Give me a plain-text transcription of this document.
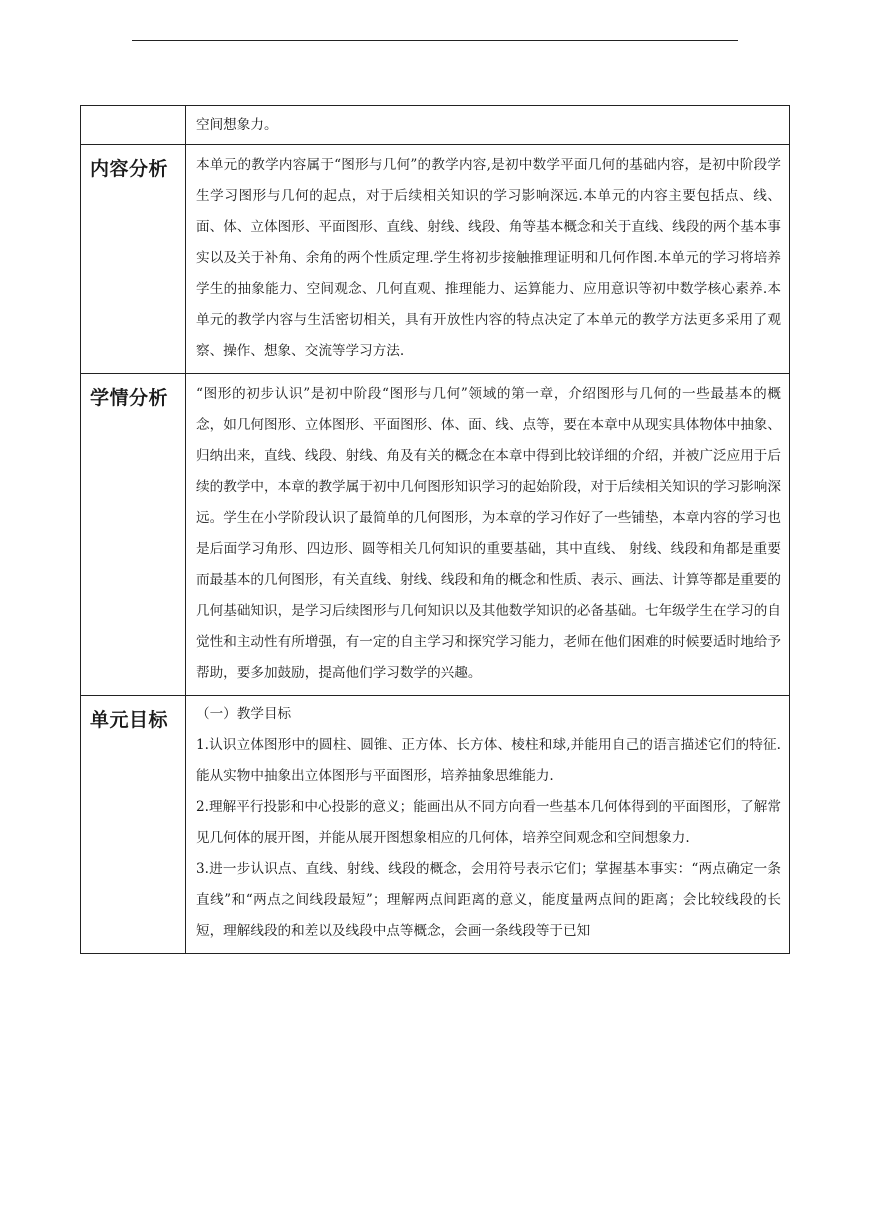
	空间想象力。

内容分析	本单元的教学内容属于“图形与几何”的教学内容,是初中数学平面几何的基础内容，是初中阶段学生学习图形与几何的起点，对于后续相关知识的学习影响深远.本单元的内容主要包括点、线、面、体、立体图形、平面图形、直线、射线、线段、角等基本概念和关于直线、线段的两个基本事实以及关于补角、余角的两个性质定理.学生将初步接触推理证明和几何作图.本单元的学习将培养学生的抽象能力、空间观念、几何直观、推理能力、运算能力、应用意识等初中数学核心素养.本单元的教学内容与生活密切相关，具有开放性内容的特点决定了本单元的教学方法更多采用了观察、操作、想象、交流等学习方法.

学情分析	“图形的初步认识”是初中阶段“图形与几何”领域的第一章，介绍图形与几何的一些最基本的概念，如几何图形、立体图形、平面图形、体、面、线、点等，要在本章中从现实具体物体中抽象、归纳出来，直线、线段、射线、角及有关的概念在本章中得到比较详细的介绍，并被广泛应用于后续的教学中，本章的教学属于初中几何图形知识学习的起始阶段，对于后续相关知识的学习影响深远。学生在小学阶段认识了最简单的几何图形，为本章的学习作好了一些铺垫，本章内容的学习也是后面学习角形、四边形、圆等相关几何知识的重要基础，其中直线、 射线、线段和角都是重要而最基本的几何图形，有关直线、射线、线段和角的概念和性质、表示、画法、计算等都是重要的几何基础知识，是学习后续图形与几何知识以及其他数学知识的必备基础。七年级学生在学习的自觉性和主动性有所增强，有一定的自主学习和探究学习能力，老师在他们困难的时候要适时地给予帮助，要多加鼓励，提高他们学习数学的兴趣。

单元目标	（一）教学目标

1.认识立体图形中的圆柱、圆锥、正方体、长方体、棱柱和球,并能用自己的语言描述它们的特征.能从实物中抽象出立体图形与平面图形，培养抽象思维能力.

2.理解平行投影和中心投影的意义；能画出从不同方向看一些基本几何体得到的平面图形，了解常见几何体的展开图，并能从展开图想象相应的几何体，培养空间观念和空间想象力.

3.进一步认识点、直线、射线、线段的概念，会用符号表示它们；掌握基本事实：“两点确定一条直线”和“两点之间线段最短”；理解两点间距离的意义，能度量两点间的距离；会比较线段的长短，理解线段的和差以及线段中点等概念，会画一条线段等于已知
